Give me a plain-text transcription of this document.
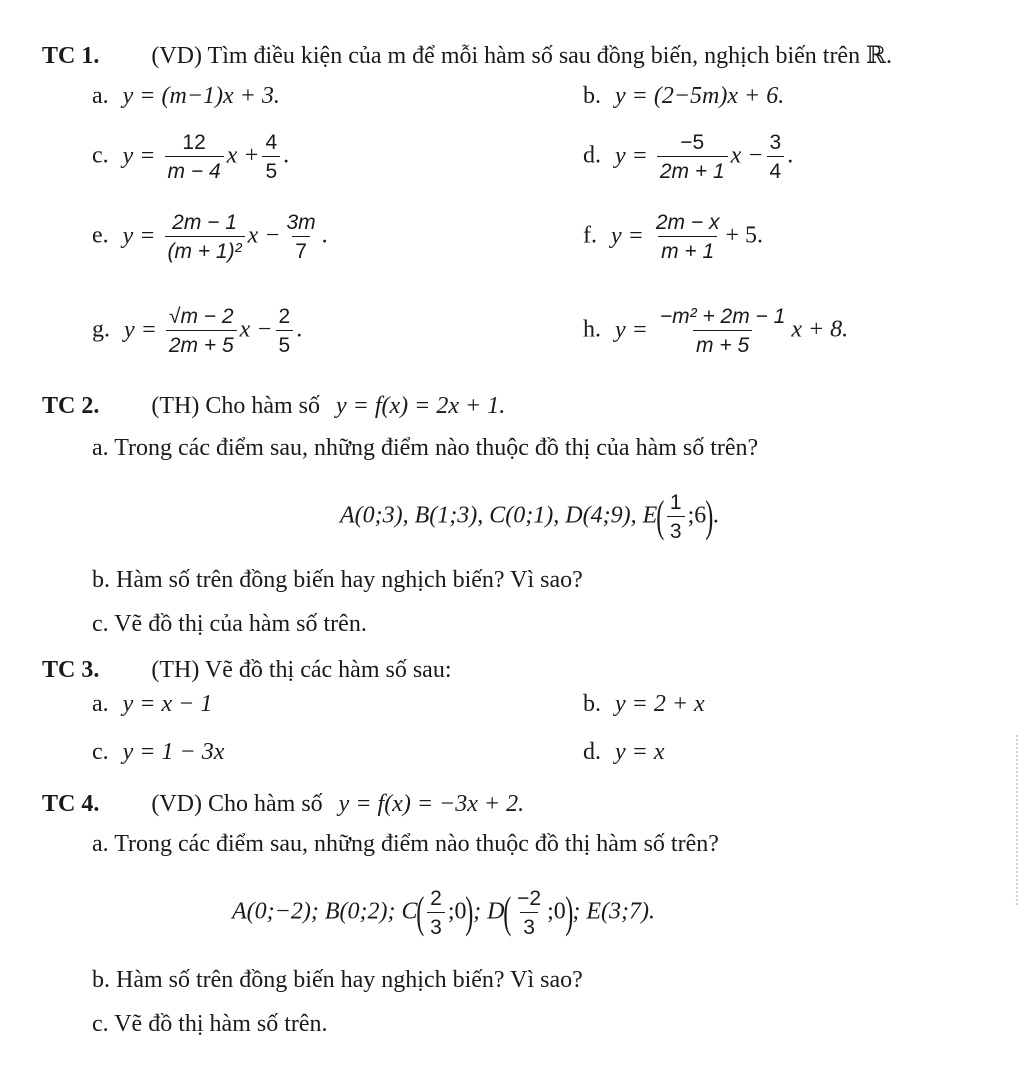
TC 1. (VD) Tìm điều kiện của m để mỗi hàm số sau đồng biến, nghịch biến trên ℝ.
a. y = (m−1)x + 3.	b. y = (2−5m)x + 6.
c. $y = \frac{12}{m - 4}$ $x + \frac{4}{5}$ .	d. $y = \frac{-5}{2m + 1}$ $x - \frac{3}{4}$ .
e. $y = \frac{2m - 1}{\text{(m + 1)²}}$ $x - \frac{3m}{7}$ .	f. $y = \frac{2m - x}{m + 1} + 5$.
g. $y = \frac{√m - 2}{2m + 5}$ $x - \frac{2}{5}$ .	h. $y = \frac{\text{−m² + 2m − 1}}{m + 5}$ x + 8.
TC 2. (TH) Cho hàm số y = f(x) = 2x + 1.
a. Trong các điểm sau, những điểm nào thuộc đồ thị của hàm số trên?
A(0;3), B(1;3), C(0;1), D(4;9), $E( \frac{1}{3}$ ;6).
b. Hàm số trên đồng biến hay nghịch biến? Vì sao?
c. Vẽ đồ thị của hàm số trên.
TC 3. (TH) Vẽ đồ thị các hàm số sau:
a. y = x − 1	b. y = 2 + x
c. y = 1 − 3x	d. y = x
TC 4. (VD) Cho hàm số y = f(x) = −3x + 2.
a. Trong các điểm sau, những điểm nào thuộc đồ thị hàm số trên?
A(0;−2); B(0;2); $C( \frac{2}{3}$ ;0); $D( \frac{-2}{3}$ ;0); E(3;7).
b. Hàm số trên đồng biến hay nghịch biến? Vì sao?
c. Vẽ đồ thị hàm số trên.
